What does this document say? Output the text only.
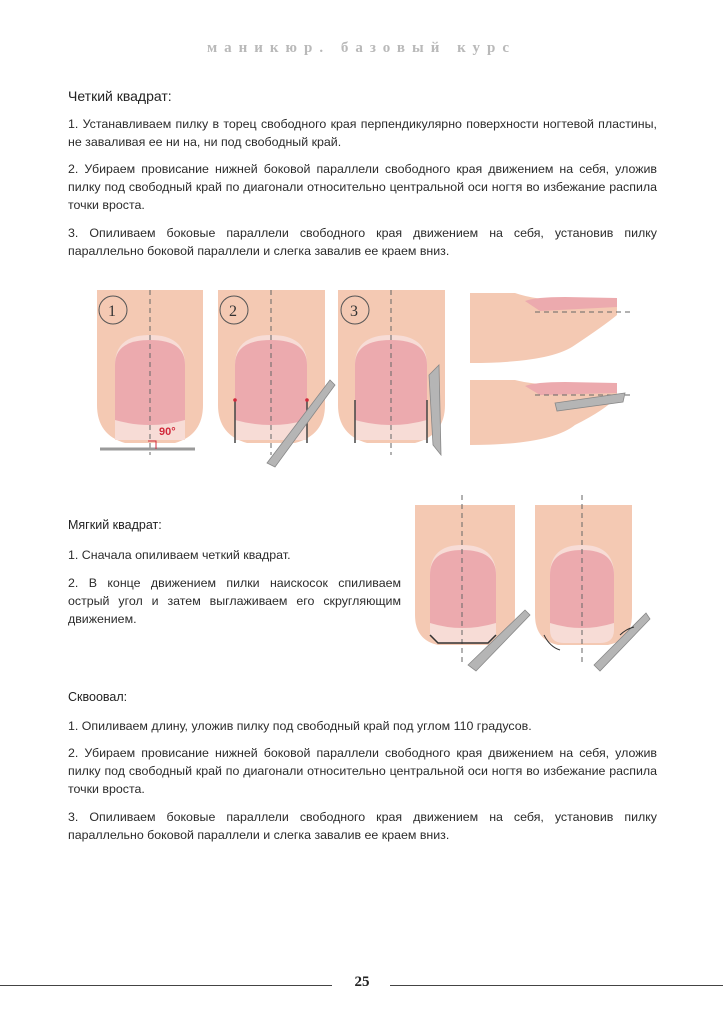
маникюр. базовый курс
Четкий квадрат:

1. Устанавливаем пилку в торец свободного края перпендикулярно поверхности ногтевой пластины, не заваливая ее ни на, ни под свободный край.

2. Убираем провисание нижней боковой параллели свободного края движением на себя, уложив пилку под свободный край по диагонали относительно центральной оси ногтя во избежание распила точки вроста.

3. Опиливаем боковые параллели свободного края движением на себя, установив пилку параллельно боковой параллели и слегка завалив ее краем вниз.

90°
1	2	3
Мягкий квадрат:

1. Сначала опиливаем четкий квадрат.

2. В конце движением пилки наискосок спиливаем острый угол и затем выглаживаем его скругляющим движением.

Сквоовал:

1. Опиливаем длину, уложив пилку под свободный край под углом 110 градусов.

2. Убираем провисание нижней боковой параллели свободного края движением на себя, уложив пилку под свободный край по диагонали относительно центральной оси ногтя во избежание распила точки вроста.

3. Опиливаем боковые параллели свободного края движением на себя, установив пилку параллельно боковой параллели и слегка завалив ее краем вниз.

25
